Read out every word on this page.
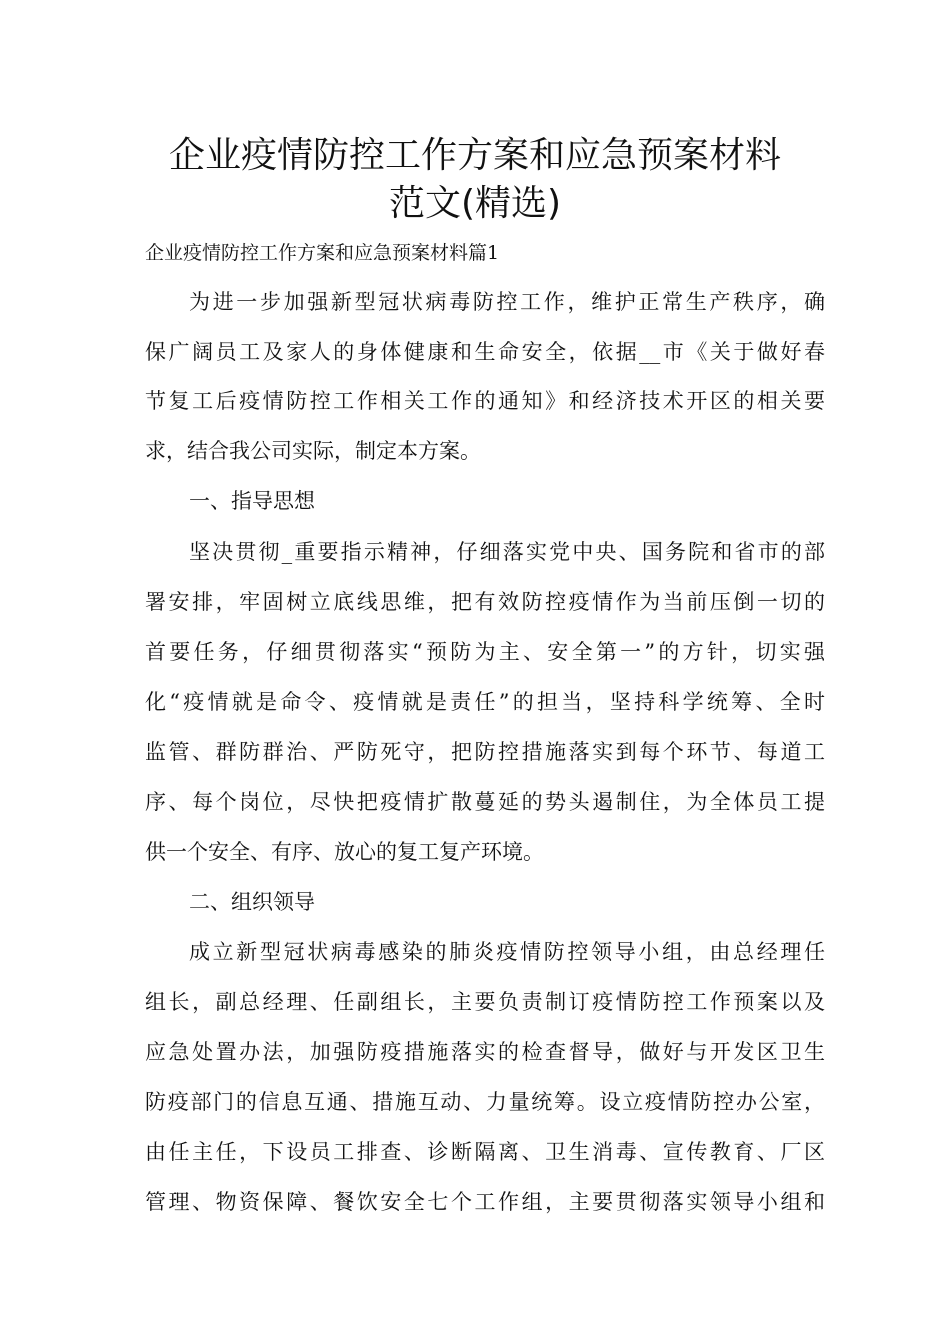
企业疫情防控工作方案和应急预案材料
范文(精选)
企业疫情防控工作方案和应急预案材料篇1
为进一步加强新型冠状病毒防控工作，维护正常生产秩序，确
保广阔员工及家人的身体健康和生命安全，依据__市《关于做好春
节复工后疫情防控工作相关工作的通知》和经济技术开区的相关要
求，结合我公司实际，制定本方案。
一、指导思想
坚决贯彻_重要指示精神，仔细落实党中央、国务院和省市的部
署安排，牢固树立底线思维，把有效防控疫情作为当前压倒一切的
首要任务，仔细贯彻落实“预防为主、安全第一”的方针，切实强
化“疫情就是命令、疫情就是责任”的担当，坚持科学统筹、全时
监管、群防群治、严防死守，把防控措施落实到每个环节、每道工
序、每个岗位，尽快把疫情扩散蔓延的势头遏制住，为全体员工提
供一个安全、有序、放心的复工复产环境。
二、组织领导
成立新型冠状病毒感染的肺炎疫情防控领导小组，由总经理任
组长，副总经理、任副组长，主要负责制订疫情防控工作预案以及
应急处置办法，加强防疫措施落实的检查督导，做好与开发区卫生
防疫部门的信息互通、措施互动、力量统筹。设立疫情防控办公室，
由任主任，下设员工排查、诊断隔离、卫生消毒、宣传教育、厂区
管理、物资保障、餐饮安全七个工作组，主要贯彻落实领导小组和
